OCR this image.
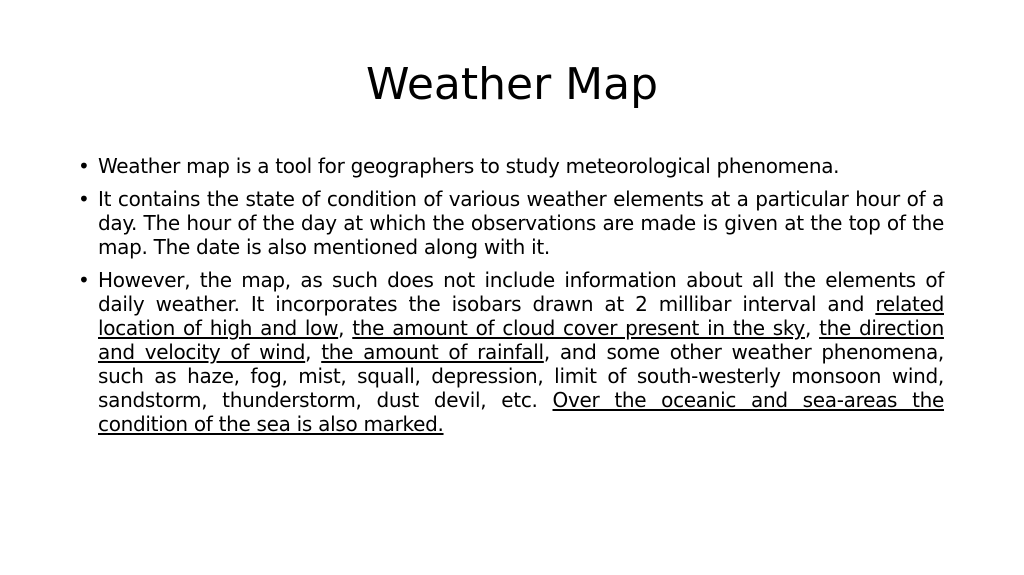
Weather Map
• Weather map is a tool for geographers to study meteorological phenomena.
• It contains the state of condition of various weather elements at a particular hour of a day. The hour of the day at which the observations are made is given at the top of the map. The date is also mentioned along with it.
• However, the map, as such does not include information about all the elements of daily weather. It incorporates the isobars drawn at 2 millibar interval and related location of high and low, the amount of cloud cover present in the sky, the direction and velocity of wind, the amount of rainfall, and some other weather phenomena, such as haze, fog, mist, squall, depression, limit of south-westerly monsoon wind, sandstorm, thunderstorm, dust devil, etc. Over the oceanic and sea-areas the condition of the sea is also marked.
